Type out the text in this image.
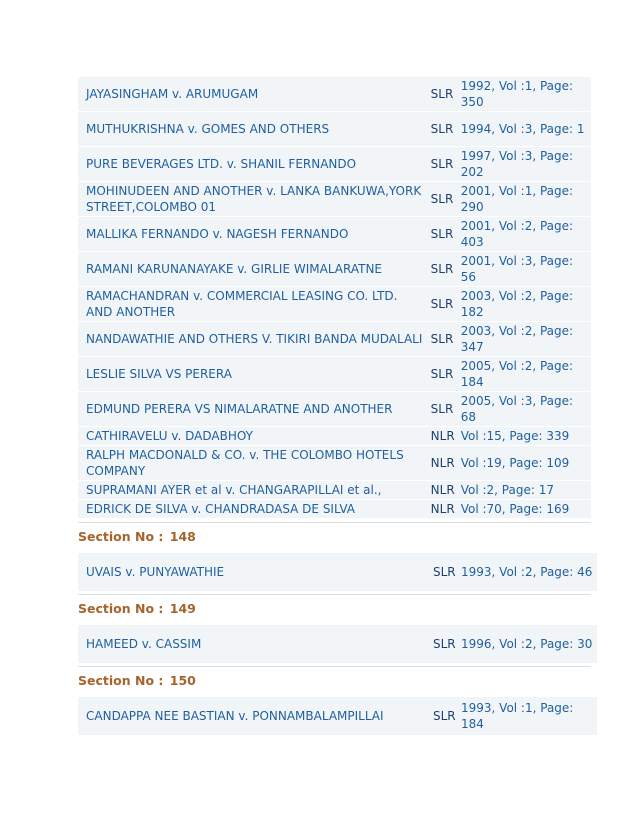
JAYASINGHAM v. ARUMUGAM	SLR	1992, Vol :1, Page: 350
MUTHUKRISHNA v. GOMES AND OTHERS	SLR	1994, Vol :3, Page: 1
PURE BEVERAGES LTD. v. SHANIL FERNANDO	SLR	1997, Vol :3, Page: 202
MOHINUDEEN AND ANOTHER v. LANKA BANKUWA,YORK STREET,COLOMBO 01	SLR	2001, Vol :1, Page: 290
MALLIKA FERNANDO v. NAGESH FERNANDO	SLR	2001, Vol :2, Page: 403
RAMANI KARUNANAYAKE v. GIRLIE WIMALARATNE	SLR	2001, Vol :3, Page: 56
RAMACHANDRAN v. COMMERCIAL LEASING CO. LTD. AND ANOTHER	SLR	2003, Vol :2, Page: 182
NANDAWATHIE AND OTHERS V. TIKIRI BANDA MUDALALI	SLR	2003, Vol :2, Page: 347
LESLIE SILVA VS PERERA	SLR	2005, Vol :2, Page: 184
EDMUND PERERA VS NIMALARATNE AND ANOTHER	SLR	2005, Vol :3, Page: 68
CATHIRAVELU v. DADABHOY	NLR	Vol :15, Page: 339
RALPH MACDONALD & CO. v. THE COLOMBO HOTELS COMPANY	NLR	Vol :19, Page: 109
SUPRAMANI AYER et al v. CHANGARAPILLAI et al.,	NLR	Vol :2, Page: 17
EDRICK DE SILVA v. CHANDRADASA DE SILVA	NLR	Vol :70, Page: 169
Section No : 148
UVAIS v. PUNYAWATHIE	SLR	1993, Vol :2, Page: 46
Section No : 149
HAMEED v. CASSIM	SLR	1996, Vol :2, Page: 30
Section No : 150
CANDAPPA NEE BASTIAN v. PONNAMBALAMPILLAI	SLR	1993, Vol :1, Page: 184
